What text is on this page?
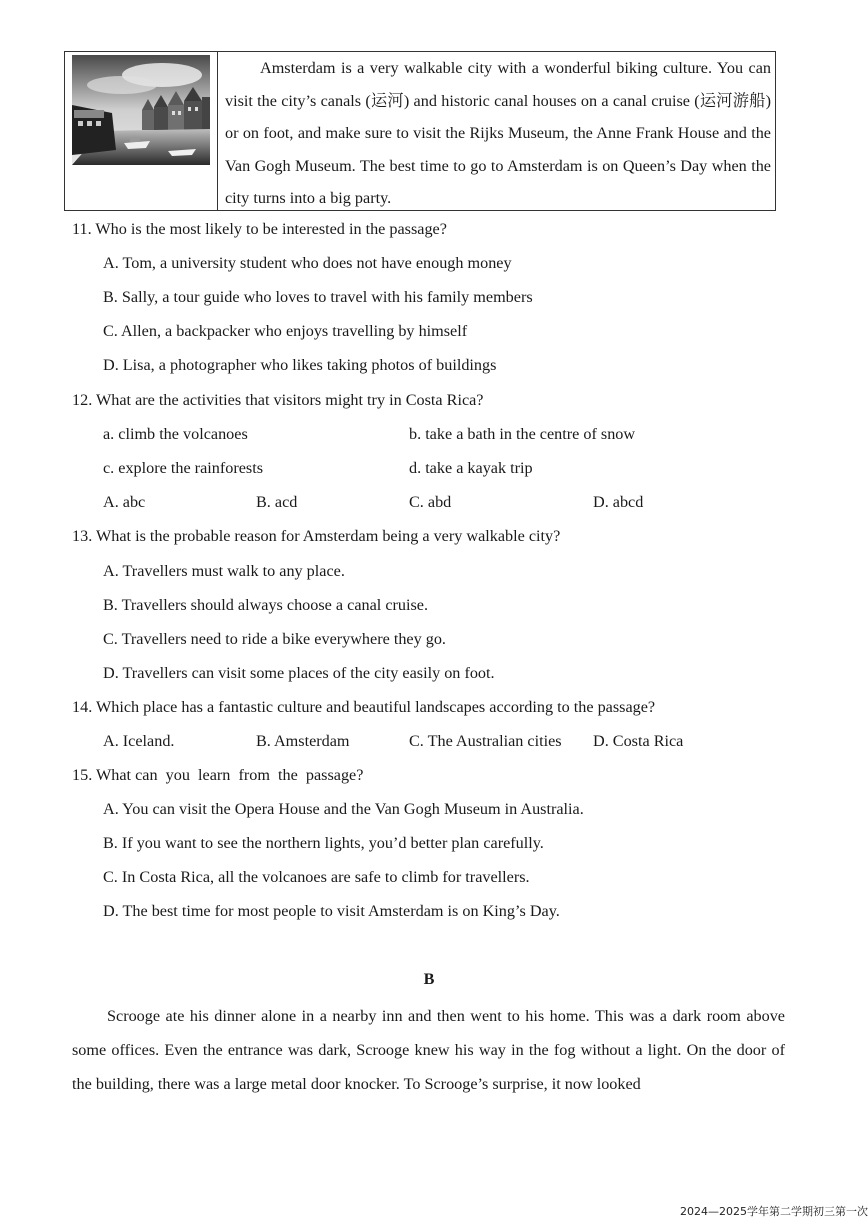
Amsterdam is a very walkable city with a wonderful biking culture. You can visit the city’s canals (运河) and historic canal houses on a canal cruise (运河游船) or on foot, and make sure to visit the Rijks Museum, the Anne Frank House and the Van Gogh Museum. The best time to go to Amsterdam is on Queen’s Day when the city turns into a big party.

11. Who is the most likely to be interested in the passage?
A. Tom, a university student who does not have enough money
B. Sally, a tour guide who loves to travel with his family members
C. Allen, a backpacker who enjoys travelling by himself
D. Lisa, a photographer who likes taking photos of buildings
12. What are the activities that visitors might try in Costa Rica?
a. climb the volcanoes	b. take a bath in the centre of snow
c. explore the rainforests	d. take a kayak trip
A. abc	B. acd	C. abd	D. abcd
13. What is the probable reason for Amsterdam being a very walkable city?
A. Travellers must walk to any place.
B. Travellers should always choose a canal cruise.
C. Travellers need to ride a bike everywhere they go.
D. Travellers can visit some places of the city easily on foot.
14. Which place has a fantastic culture and beautiful landscapes according to the passage?
A. Iceland.	B. Amsterdam	C. The Australian cities D. Costa Rica
15. What can  you  learn  from  the  passage?
A. You can visit the Opera House and the Van Gogh Museum in Australia.
B. If you want to see the northern lights, you’d better plan carefully.
C. In Costa Rica, all the volcanoes are safe to climb for travellers.
D. The best time for most people to visit Amsterdam is on King’s Day.
B

Scrooge ate his dinner alone in a nearby inn and then went to his home. This was a dark room above some offices. Even the entrance was dark, Scrooge knew his way in the fog without a light. On the door of the building, there was a large metal door knocker. To Scrooge’s surprise, it now looked

2024—2025学年第二学期初三第一次
